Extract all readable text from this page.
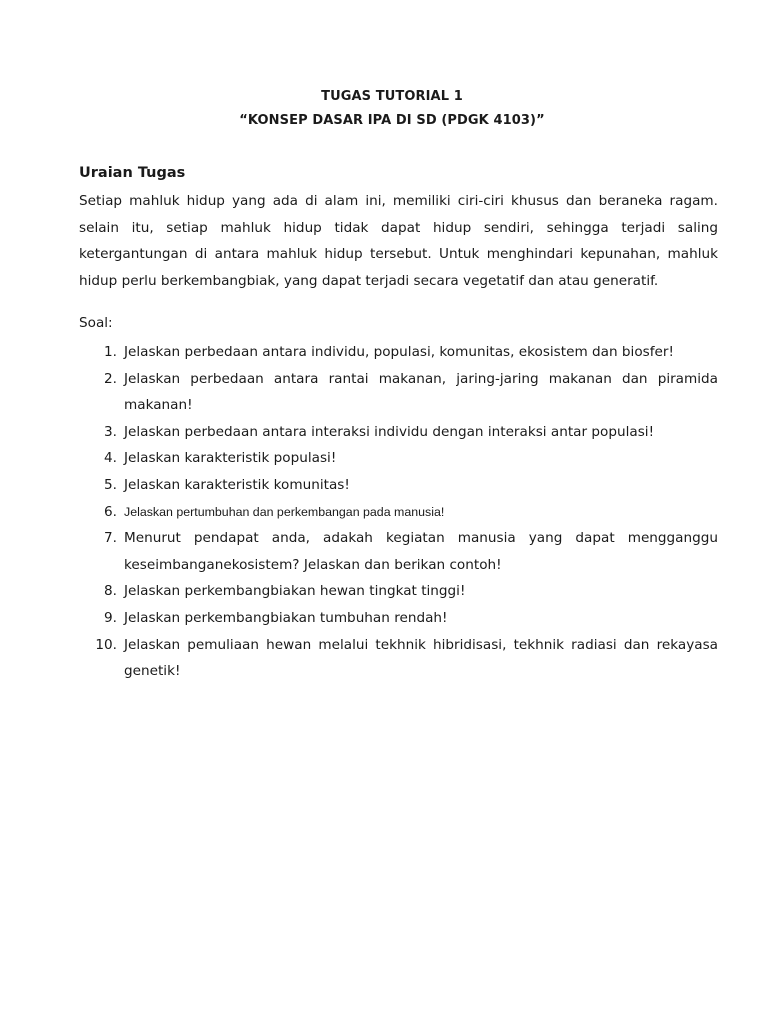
TUGAS TUTORIAL 1
“KONSEP DASAR IPA DI SD (PDGK 4103)”
Uraian Tugas
Setiap mahluk hidup yang ada di alam ini, memiliki ciri-ciri khusus dan beraneka ragam. selain itu, setiap mahluk hidup tidak dapat hidup sendiri, sehingga terjadi saling ketergantungan di antara mahluk hidup tersebut. Untuk menghindari kepunahan, mahluk hidup perlu berkembangbiak, yang dapat terjadi secara vegetatif dan atau generatif.
Soal:
1. Jelaskan perbedaan antara individu, populasi, komunitas, ekosistem dan biosfer!
2. Jelaskan perbedaan antara rantai makanan, jaring-jaring makanan dan piramida makanan!
3. Jelaskan perbedaan antara interaksi individu dengan interaksi antar populasi!
4. Jelaskan karakteristik populasi!
5. Jelaskan karakteristik komunitas!
6. Jelaskan pertumbuhan dan perkembangan pada manusia!
7. Menurut pendapat anda, adakah kegiatan manusia yang dapat mengganggu keseimbanganekosistem? Jelaskan dan berikan contoh!
8. Jelaskan perkembangbiakan hewan tingkat tinggi!
9. Jelaskan perkembangbiakan tumbuhan rendah!
10. Jelaskan pemuliaan hewan melalui tekhnik hibridisasi, tekhnik radiasi dan rekayasa genetik!
